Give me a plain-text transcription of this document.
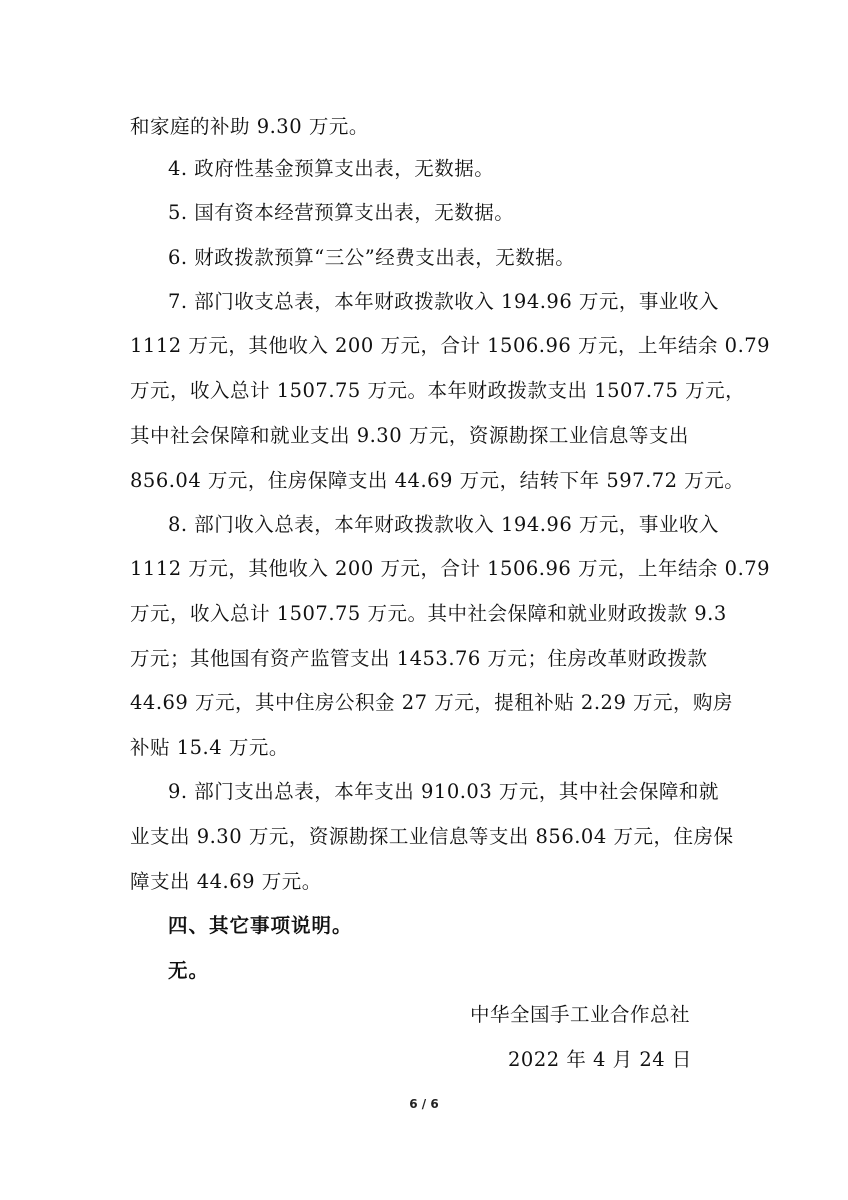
和家庭的补助 9.30 万元。
4. 政府性基金预算支出表，无数据。
5. 国有资本经营预算支出表，无数据。
6. 财政拨款预算“三公”经费支出表，无数据。
7. 部门收支总表，本年财政拨款收入 194.96 万元，事业收入
1112 万元，其他收入 200 万元，合计 1506.96 万元，上年结余 0.79
万元，收入总计 1507.75 万元。本年财政拨款支出 1507.75 万元，
其中社会保障和就业支出 9.30 万元，资源勘探工业信息等支出
856.04 万元，住房保障支出 44.69 万元，结转下年 597.72 万元。
8. 部门收入总表，本年财政拨款收入 194.96 万元，事业收入
1112 万元，其他收入 200 万元，合计 1506.96 万元，上年结余 0.79
万元，收入总计 1507.75 万元。其中社会保障和就业财政拨款 9.3
万元；其他国有资产监管支出 1453.76 万元；住房改革财政拨款
44.69 万元，其中住房公积金 27 万元，提租补贴 2.29 万元，购房
补贴 15.4 万元。
9. 部门支出总表，本年支出 910.03 万元，其中社会保障和就
业支出 9.30 万元，资源勘探工业信息等支出 856.04 万元，住房保
障支出 44.69 万元。
四、其它事项说明。
无。
中华全国手工业合作总社
2022 年 4 月 24 日
6 / 6
